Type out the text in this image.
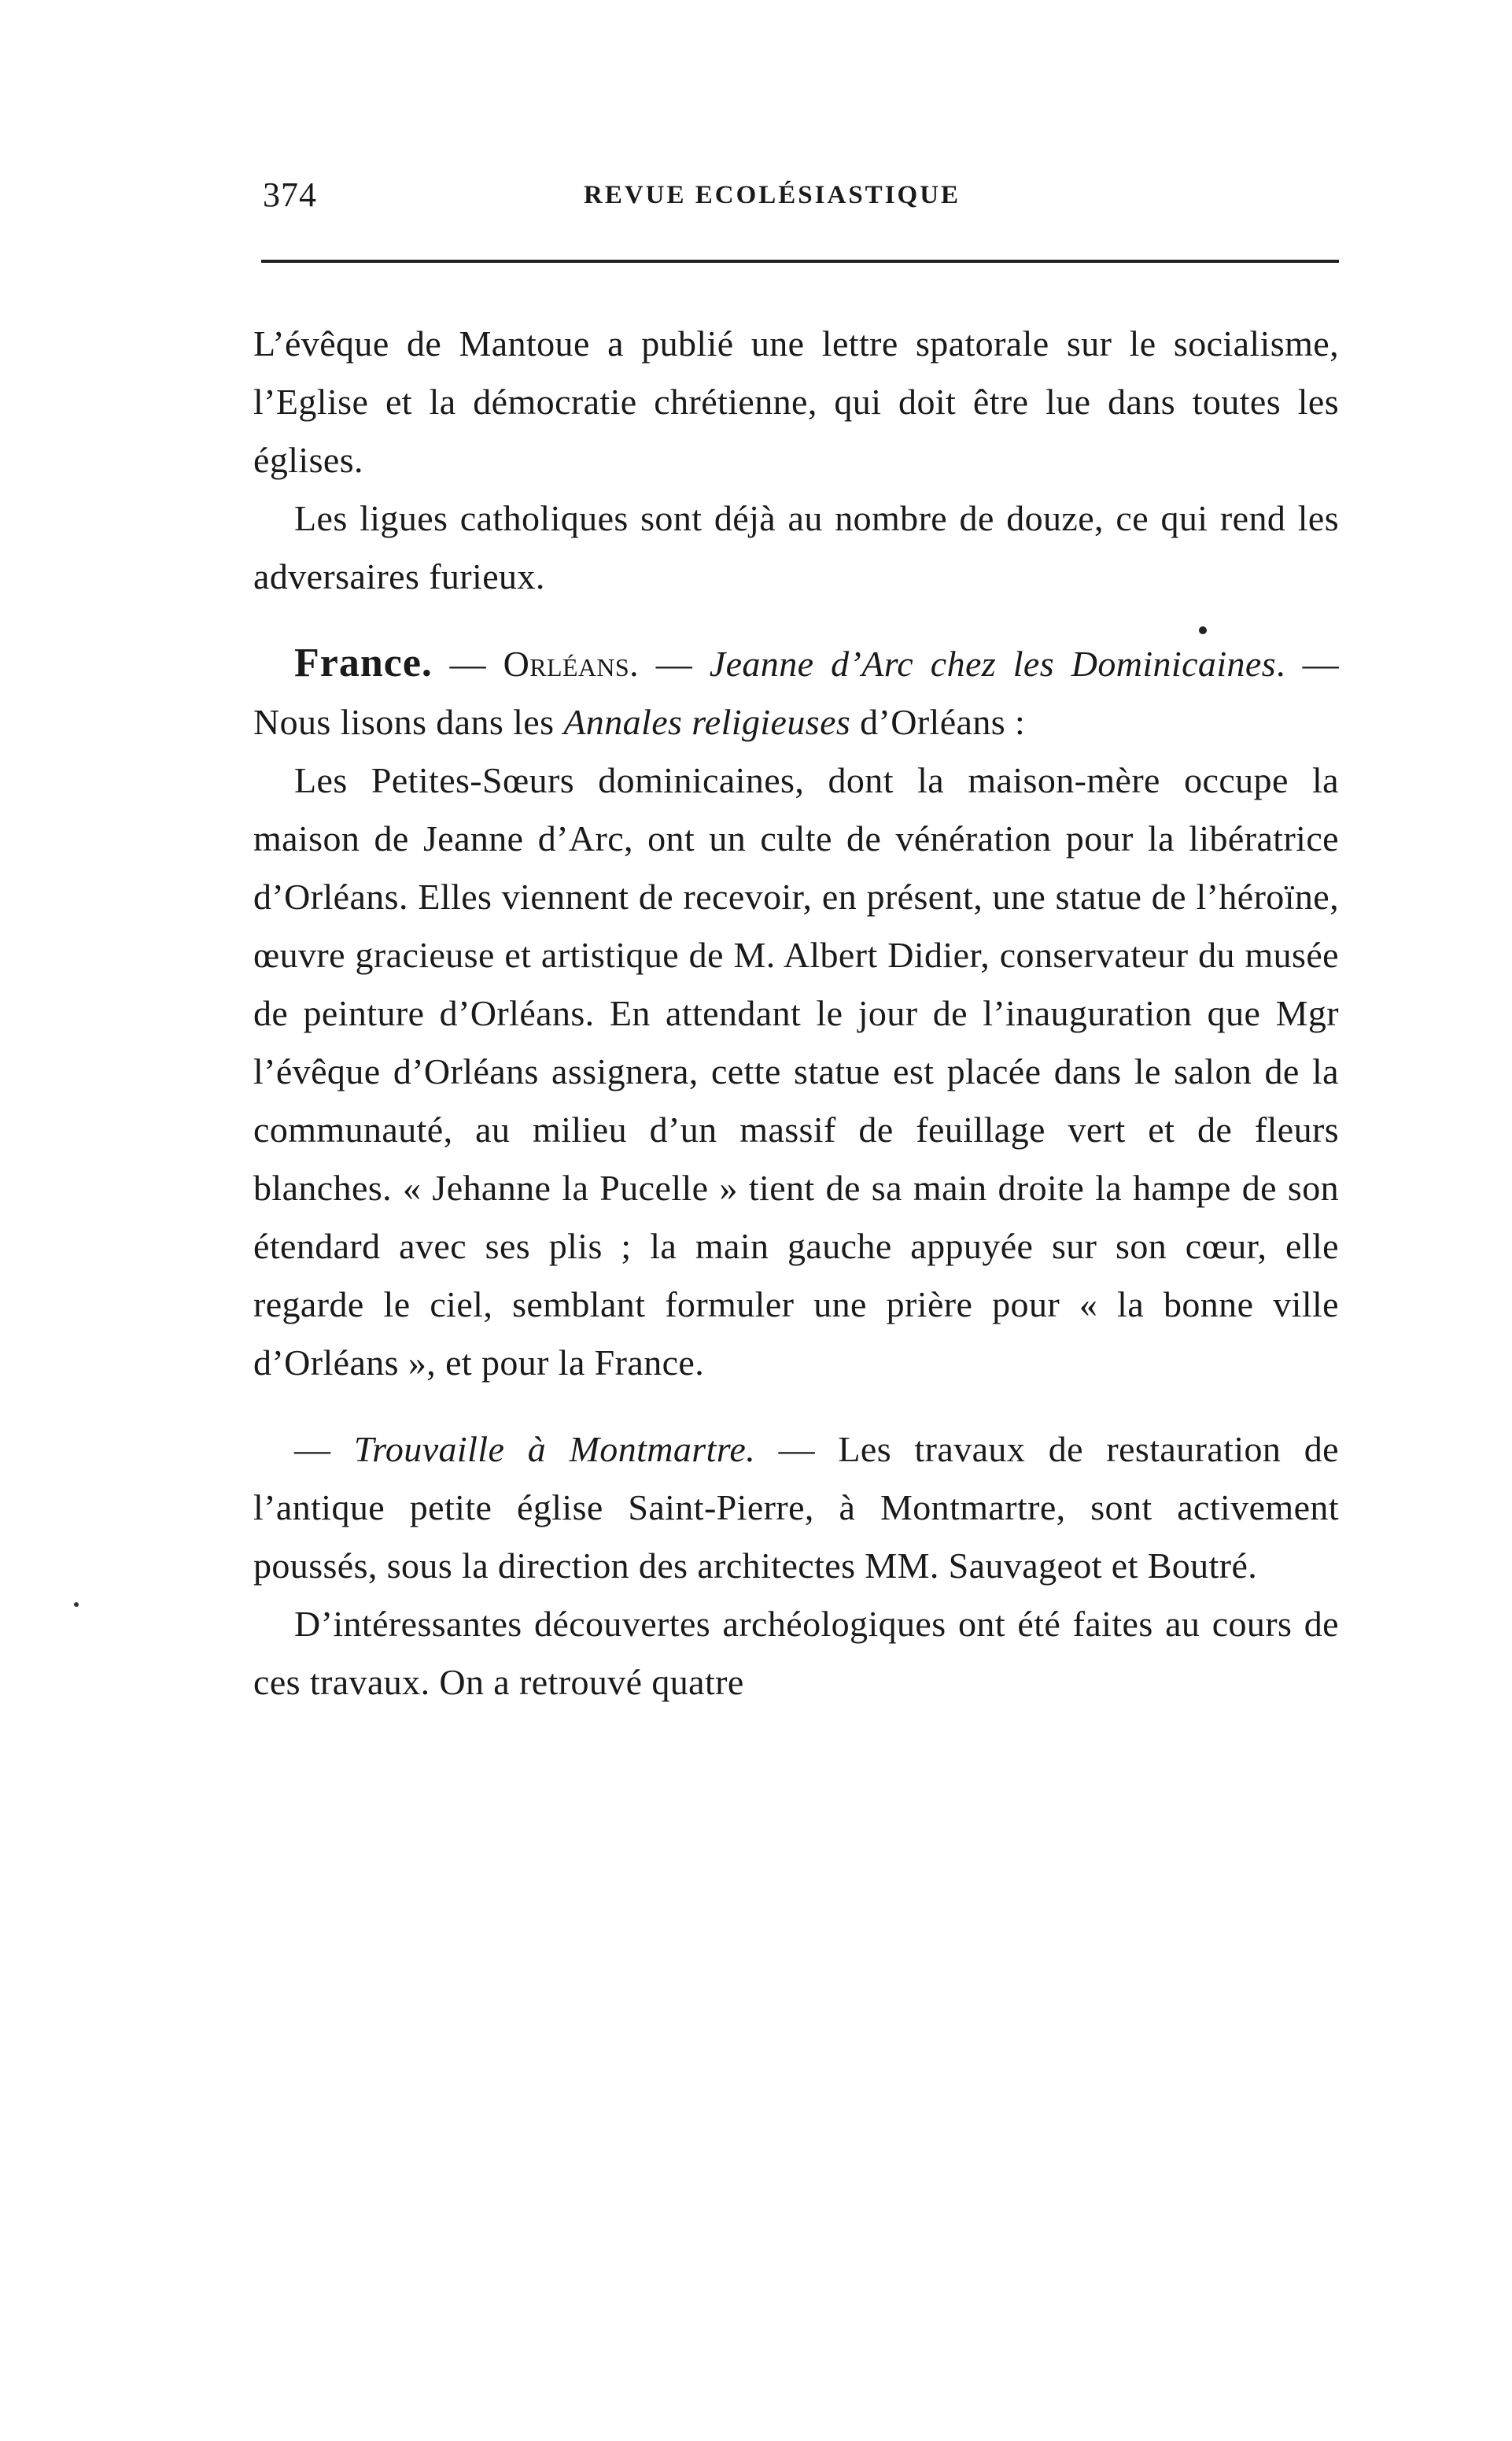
374	REVUE ECOLÉSIASTIQUE

L’évêque de Mantoue a publié une lettre spatorale sur le socialisme, l’Eglise et la démocratie chrétienne, qui doit être lue dans toutes les églises.

Les ligues catholiques sont déjà au nombre de douze, ce qui rend les adversaires furieux.

France. — Orléans. — Jeanne d’Arc chez les Dominicaines. — Nous lisons dans les Annales religieuses d’Orléans :

Les Petites-Sœurs dominicaines, dont la maison-mère occupe la maison de Jeanne d’Arc, ont un culte de vénération pour la libératrice d’Orléans. Elles viennent de recevoir, en présent, une statue de l’héroïne, œuvre gracieuse et artistique de M. Albert Didier, conservateur du musée de peinture d’Orléans. En attendant le jour de l’inauguration que Mgr l’évêque d’Orléans assignera, cette statue est placée dans le salon de la communauté, au milieu d’un massif de feuillage vert et de fleurs blanches. « Jehanne la Pucelle » tient de sa main droite la hampe de son étendard avec ses plis ; la main gauche appuyée sur son cœur, elle regarde le ciel, semblant formuler une prière pour « la bonne ville d’Orléans », et pour la France.

— Trouvaille à Montmartre. — Les travaux de restauration de l’antique petite église Saint-Pierre, à Montmartre, sont activement poussés, sous la direction des architectes MM. Sauvageot et Boutré.

D’intéressantes découvertes archéologiques ont été faites au cours de ces travaux. On a retrouvé quatre
